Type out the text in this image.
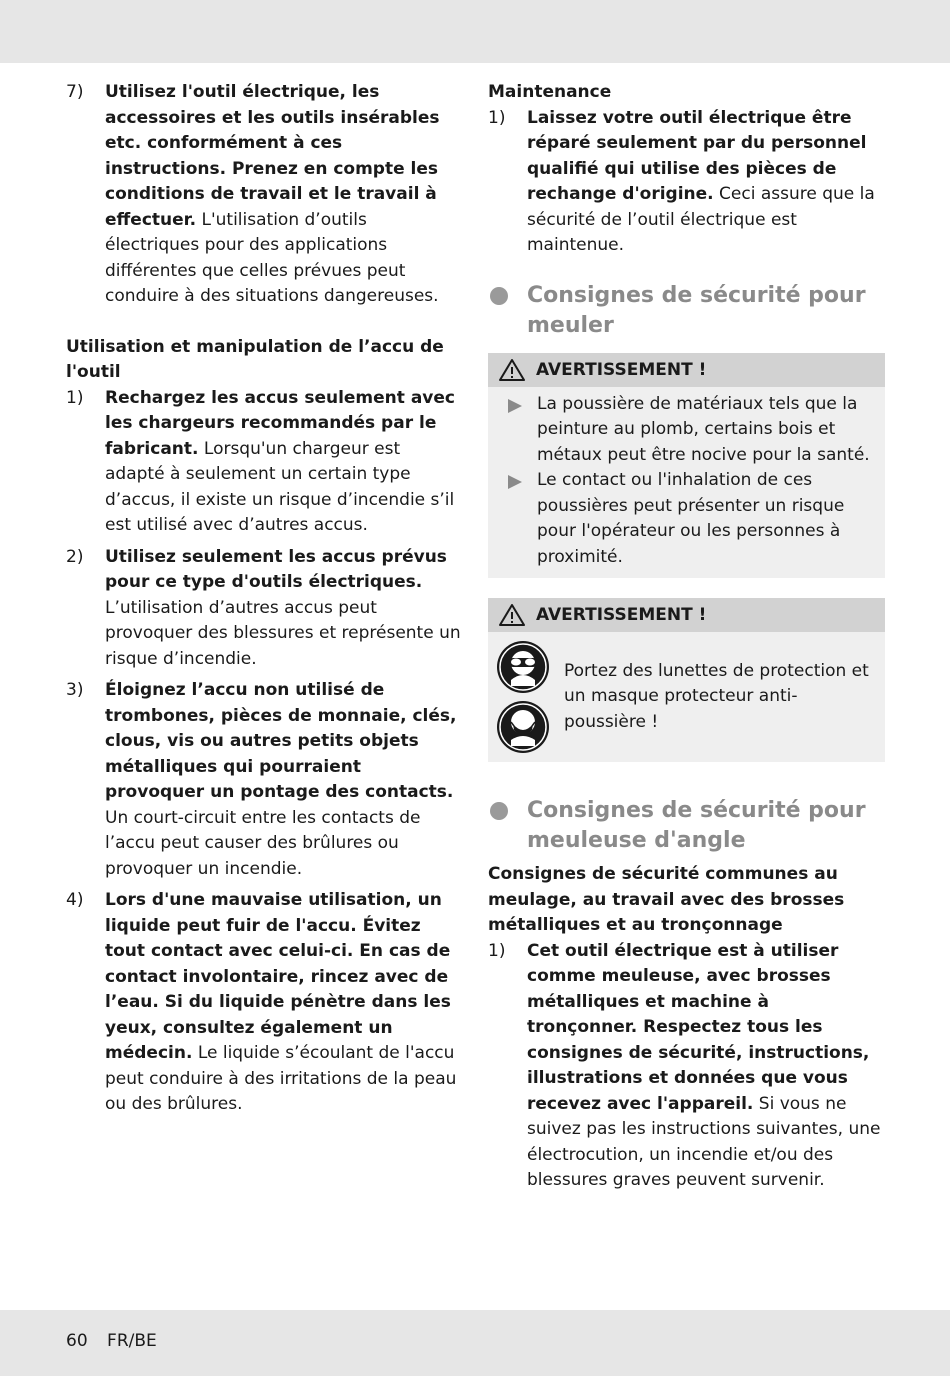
7) Utilisez l'outil électrique, les accessoires et les outils insérables etc. conformément à ces instructions. Prenez en compte les conditions de travail et le travail à effectuer. L'utilisation d’outils électriques pour des applications différentes que celles prévues peut conduire à des situations dangereuses.
Utilisation et manipulation de l’accu de l'outil
1) Rechargez les accus seulement avec les chargeurs recommandés par le fabricant. Lorsqu'un chargeur est adapté à seulement un certain type d’accus, il existe un risque d’incendie s’il est utilisé avec d’autres accus.
2) Utilisez seulement les accus prévus pour ce type d'outils électriques. L’utilisation d’autres accus peut provoquer des blessures et représente un risque d’incendie.
3) Éloignez l’accu non utilisé de trombones, pièces de monnaie, clés, clous, vis ou autres petits objets métalliques qui pourraient provoquer un pontage des contacts. Un court-circuit entre les contacts de l’accu peut causer des brûlures ou provoquer un incendie.
4) Lors d'une mauvaise utilisation, un liquide peut fuir de l'accu. Évitez tout contact avec celui-ci. En cas de contact involontaire, rincez avec de l’eau. Si du liquide pénètre dans les yeux, consultez également un médecin. Le liquide s’écoulant de l'accu peut conduire à des irritations de la peau ou des brûlures.
Maintenance
1) Laissez votre outil électrique être réparé seulement par du personnel qualifié qui utilise des pièces de rechange d'origine. Ceci assure que la sécurité de l’outil électrique est maintenue.
Consignes de sécurité pour meuler
AVERTISSEMENT !
La poussière de matériaux tels que la peinture au plomb, certains bois et métaux peut être nocive pour la santé.
Le contact ou l'inhalation de ces poussières peut présenter un risque pour l'opérateur ou les personnes à proximité.
AVERTISSEMENT !
Portez des lunettes de protection et un masque protecteur anti-poussière !
Consignes de sécurité pour meuleuse d'angle
Consignes de sécurité communes au meulage, au travail avec des brosses métalliques et au tronçonnage
1) Cet outil électrique est à utiliser comme meuleuse, avec brosses métalliques et machine à tronçonner. Respectez tous les consignes de sécurité, instructions, illustrations et données que vous recevez avec l'appareil. Si vous ne suivez pas les instructions suivantes, une électrocution, un incendie et/ou des blessures graves peuvent survenir.
60 FR/BE
